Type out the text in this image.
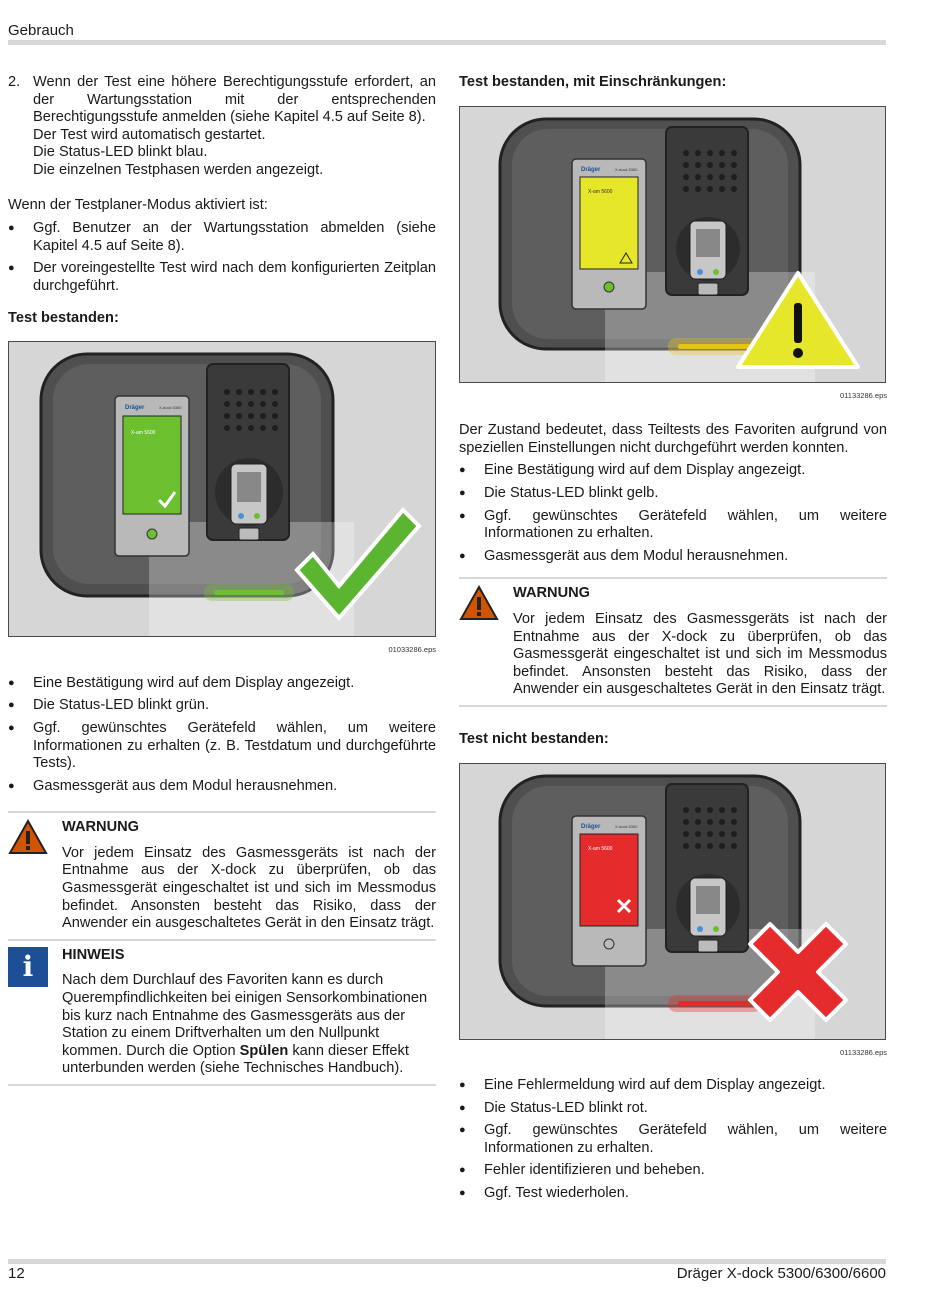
Gebrauch
2. Wenn der Test eine höhere Berechtigungsstufe erfordert, an der Wartungsstation mit der entsprechenden Berechtigungsstufe anmelden (siehe Kapitel 4.5 auf Seite 8).

Der Test wird automatisch gestartet.

Die Status-LED blinkt blau.

Die einzelnen Testphasen werden angezeigt.

Wenn der Testplaner-Modus aktiviert ist:

● Ggf. Benutzer an der Wartungsstation abmelden (siehe Kapitel 4.5 auf Seite 8).
● Der voreingestellte Test wird nach dem konfigurierten Zeitplan durchgeführt.
Test bestanden:
Dräger	X-dock 5300
X-am 5600
01033286.eps
● Eine Bestätigung wird auf dem Display angezeigt.
● Die Status-LED blinkt grün.
● Ggf. gewünschtes Gerätefeld wählen, um weitere Informationen zu erhalten (z. B. Testdatum und durchgeführte Tests).
● Gasmessgerät aus dem Modul herausnehmen.
WARNUNG
Vor jedem Einsatz des Gasmessgeräts ist nach der Entnahme aus der X-dock zu überprüfen, ob das Gasmessgerät eingeschaltet ist und sich im Messmodus befindet. Ansonsten besteht das Risiko, dass der Anwender ein ausgeschaltetes Gerät in den Einsatz trägt.
i	HINWEIS
Nach dem Durchlauf des Favoriten kann es durch Querempfindlichkeiten bei einigen Sensorkombinationen bis kurz nach Entnahme des Gasmessgeräts aus der Station zu einem Driftverhalten um den Nullpunkt kommen. Durch die Option Spülen kann dieser Effekt unterbunden werden (siehe Technisches Handbuch).
Test bestanden, mit Einschränkungen:
Dräger	X-dock 5300
X-am 5600
01133286.eps

Der Zustand bedeutet, dass Teiltests des Favoriten aufgrund von speziellen Einstellungen nicht durchgeführt werden konnten.

● Eine Bestätigung wird auf dem Display angezeigt.
● Die Status-LED blinkt gelb.
● Ggf. gewünschtes Gerätefeld wählen, um weitere Informationen zu erhalten.
● Gasmessgerät aus dem Modul herausnehmen.
WARNUNG
Vor jedem Einsatz des Gasmessgeräts ist nach der Entnahme aus der X-dock zu überprüfen, ob das Gasmessgerät eingeschaltet ist und sich im Messmodus befindet. Ansonsten besteht das Risiko, dass der Anwender ein ausgeschaltetes Gerät in den Einsatz trägt.
Test nicht bestanden:
Dräger	X-dock 5300
X-am 5600
01133286.eps
● Eine Fehlermeldung wird auf dem Display angezeigt.
● Die Status-LED blinkt rot.
● Ggf. gewünschtes Gerätefeld wählen, um weitere Informationen zu erhalten.
● Fehler identifizieren und beheben.
● Ggf. Test wiederholen.
12	Dräger X-dock 5300/6300/6600
